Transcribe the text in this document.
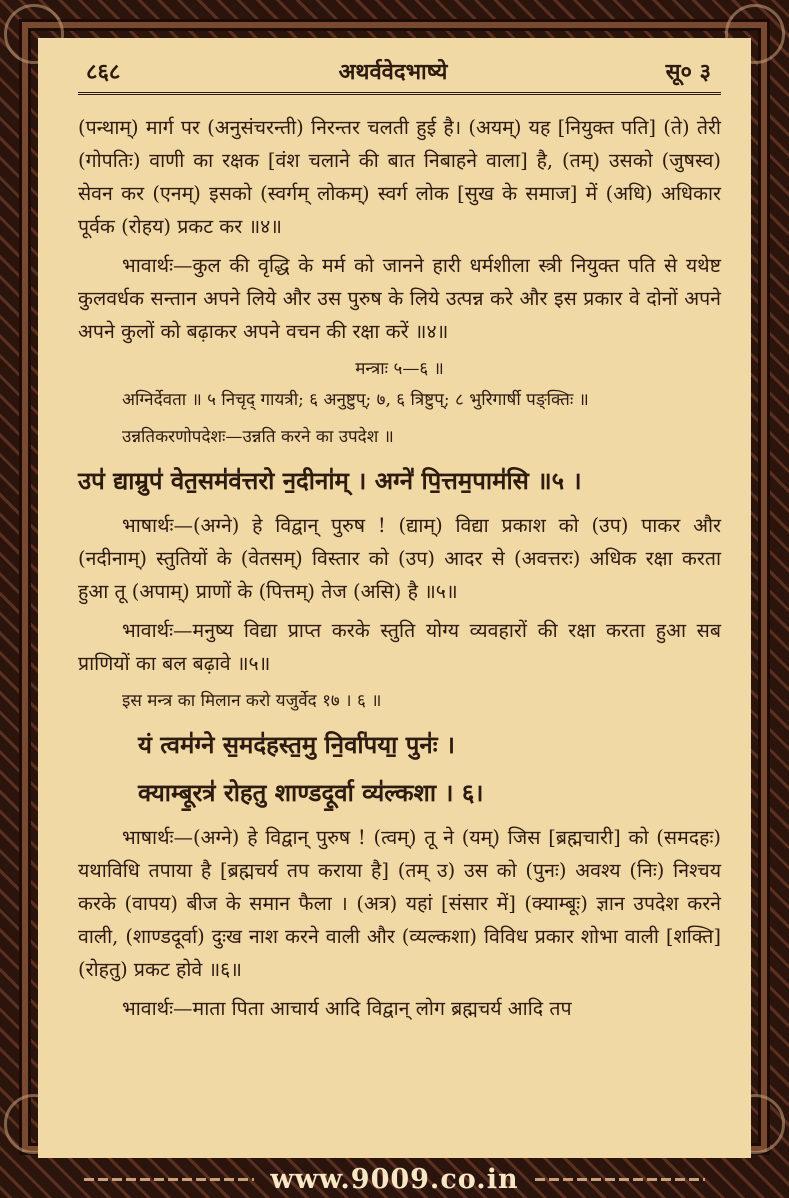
८६८	अथर्ववेदभाष्ये	सू० ३

(पन्थाम्) मार्ग पर (अनुसंचरन्ती) निरन्तर चलती हुई है। (अयम्) यह [नियुक्त पति] (ते) तेरी (गोपतिः) वाणी का रक्षक [वंश चलाने की बात निबाहने वाला] है, (तम्) उसको (जुषस्व) सेवन कर (एनम्) इसको (स्वर्गम् लोकम्) स्वर्ग लोक [सुख के समाज] में (अधि) अधिकार पूर्वक (रोहय) प्रकट कर ॥४॥

भावार्थः—कुल की वृद्धि के मर्म को जानने हारी धर्मशीला स्त्री नियुक्त पति से यथेष्ट कुलवर्धक सन्तान अपने लिये और उस पुरुष के लिये उत्पन्न करे और इस प्रकार वे दोनों अपने अपने कुलों को बढ़ाकर अपने वचन की रक्षा करें ॥४॥

मन्त्राः ५—६ ॥

अग्निर्देवता ॥ ५ निचृद् गायत्री; ६ अनुष्टुप्; ७, ६ त्रिष्टुप्; ८ भुरिगार्षी पङ्क्तिः ॥

उन्नतिकरणोपदेशः—उन्नति करने का उपदेश ॥

उप॑ द्याम्रुप॑ वेत॒सम॑व॑त्तरो न॒दीना॑म् । अग्ने॑ पि॒त्तम॒पाम॑सि ॥५ ।

भाषार्थः—(अग्ने) हे विद्वान् पुरुष ! (द्याम्) विद्या प्रकाश को (उप) पाकर और (नदीनाम्) स्तुतियों के (वेतसम्) विस्तार को (उप) आदर से (अवत्तरः) अधिक रक्षा करता हुआ तू (अपाम्) प्राणों के (पित्तम्) तेज (असि) है ॥५॥

भावार्थः—मनुष्य विद्या प्राप्त करके स्तुति योग्य व्यवहारों की रक्षा करता हुआ सब प्राणियों का बल बढ़ावे ॥५॥

इस मन्त्र का मिलान करो यजुर्वेद १७ । ६ ॥

यं त्वम॑ग्ने स॒मद॑हस्त॒मु नि॒र्वा॑पया॒ पुनः॑ ।
क्याम्बू॒रत्र॑ रोहतु शाण्डदू॒र्वा व्य॑ल्कशा । ६।

भाषार्थः—(अग्ने) हे विद्वान् पुरुष ! (त्वम्) तू ने (यम्) जिस [ब्रह्मचारी] को (समदहः) यथाविधि तपाया है [ब्रह्मचर्य तप कराया है] (तम् उ) उस को (पुनः) अवश्य (निः) निश्चय करके (वापय) बीज के समान फैला । (अत्र) यहां [संसार में] (क्याम्बूः) ज्ञान उपदेश करने वाली, (शाण्डदूर्वा) दुःख नाश करने वाली और (व्यल्कशा) विविध प्रकार शोभा वाली [शक्ति] (रोहतु) प्रकट होवे ॥६॥

भावार्थः—माता पिता आचार्य आदि विद्वान् लोग ब्रह्मचर्य आदि तप

www.9009.co.in
